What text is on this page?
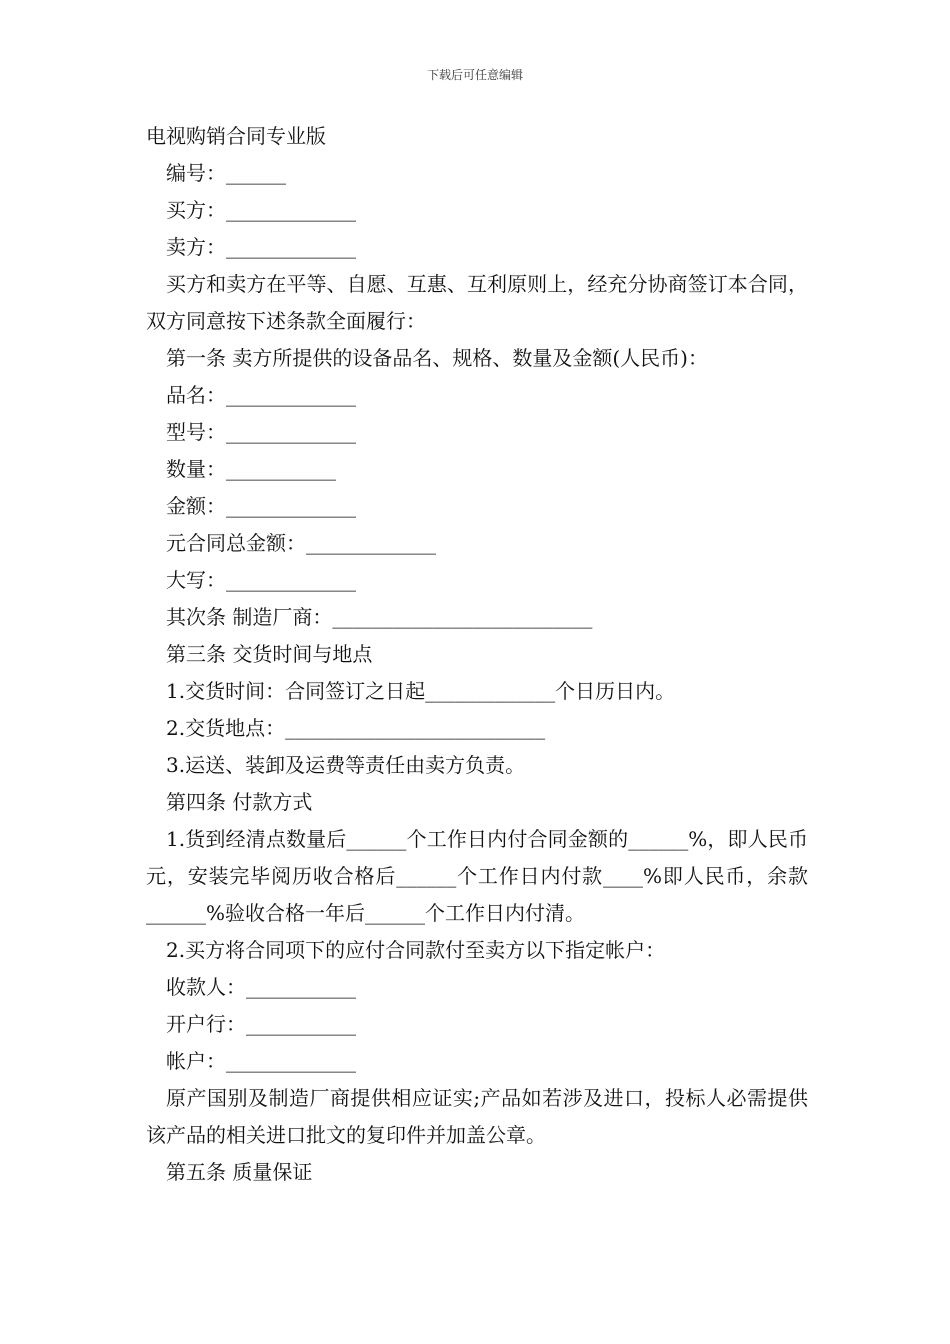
下载后可任意编辑

电视购销合同专业版

编号：______

买方：_____________

卖方：_____________

买方和卖方在平等、自愿、互惠、互利原则上，经充分协商签订本合同，双方同意按下述条款全面履行：

第一条 卖方所提供的设备品名、规格、数量及金额(人民币)：

品名：_____________

型号：_____________

数量：___________

金额：_____________

元合同总金额：_____________

大写：_____________

其次条 制造厂商：__________________________

第三条 交货时间与地点

1.交货时间：合同签订之日起_____________个日历日内。

2.交货地点：__________________________

3.运送、装卸及运费等责任由卖方负责。

第四条 付款方式

1.货到经清点数量后______个工作日内付合同金额的______%，即人民币元，安装完毕阅历收合格后______个工作日内付款____%即人民币，余款______%验收合格一年后______个工作日内付清。

2.买方将合同项下的应付合同款付至卖方以下指定帐户：

收款人：___________

开户行：___________

帐户：_____________

原产国别及制造厂商提供相应证实;产品如若涉及进口，投标人必需提供该产品的相关进口批文的复印件并加盖公章。

第五条 质量保证
